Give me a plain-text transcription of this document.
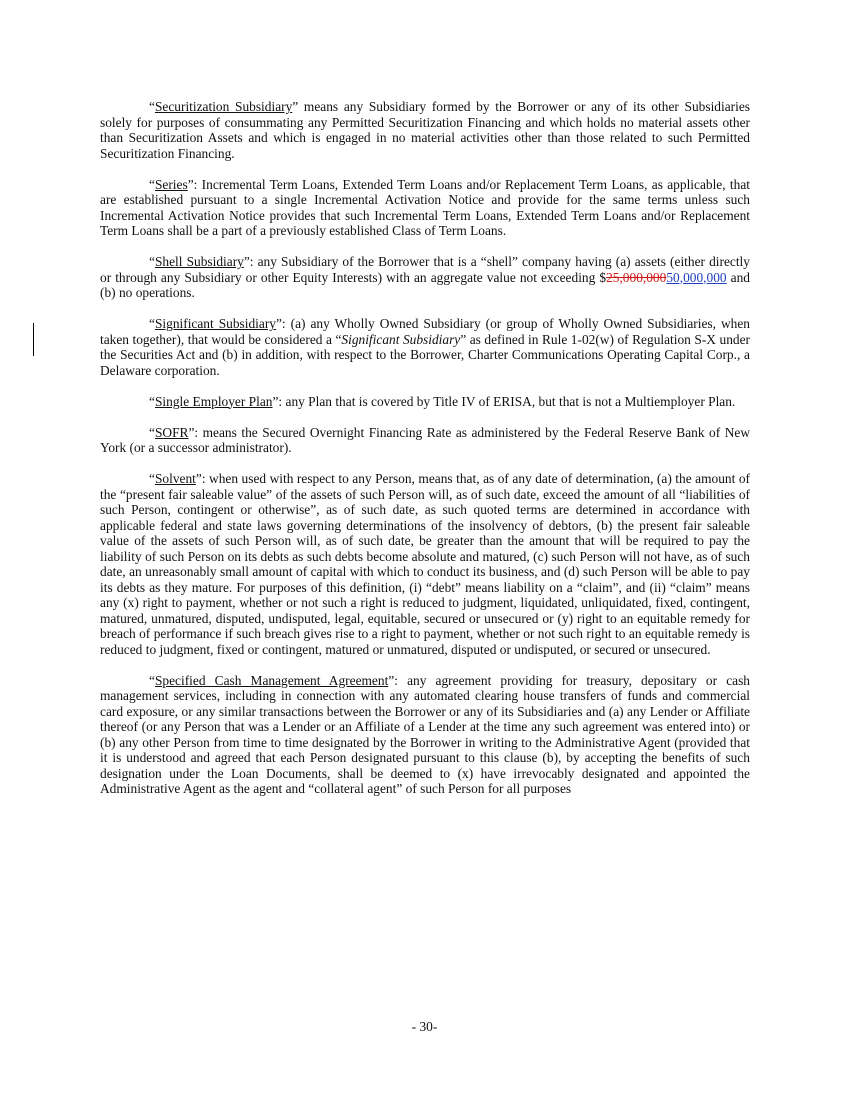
“Securitization Subsidiary” means any Subsidiary formed by the Borrower or any of its other Subsidiaries solely for purposes of consummating any Permitted Securitization Financing and which holds no material assets other than Securitization Assets and which is engaged in no material activities other than those related to such Permitted Securitization Financing.

“Series”: Incremental Term Loans, Extended Term Loans and/or Replacement Term Loans, as applicable, that are established pursuant to a single Incremental Activation Notice and provide for the same terms unless such Incremental Activation Notice provides that such Incremental Term Loans, Extended Term Loans and/or Replacement Term Loans shall be a part of a previously established Class of Term Loans.

“Shell Subsidiary”: any Subsidiary of the Borrower that is a “shell” company having (a) assets (either directly or through any Subsidiary or other Equity Interests) with an aggregate value not exceeding $25,000,00050,000,000 and (b) no operations.

“Significant Subsidiary”: (a) any Wholly Owned Subsidiary (or group of Wholly Owned Subsidiaries, when taken together), that would be considered a “Significant Subsidiary” as defined in Rule 1-02(w) of Regulation S-X under the Securities Act and (b) in addition, with respect to the Borrower, Charter Communications Operating Capital Corp., a Delaware corporation.

“Single Employer Plan”: any Plan that is covered by Title IV of ERISA, but that is not a Multiemployer Plan.

“SOFR”: means the Secured Overnight Financing Rate as administered by the Federal Reserve Bank of New York (or a successor administrator).

“Solvent”: when used with respect to any Person, means that, as of any date of determination, (a) the amount of the “present fair saleable value” of the assets of such Person will, as of such date, exceed the amount of all “liabilities of such Person, contingent or otherwise”, as of such date, as such quoted terms are determined in accordance with applicable federal and state laws governing determinations of the insolvency of debtors, (b) the present fair saleable value of the assets of such Person will, as of such date, be greater than the amount that will be required to pay the liability of such Person on its debts as such debts become absolute and matured, (c) such Person will not have, as of such date, an unreasonably small amount of capital with which to conduct its business, and (d) such Person will be able to pay its debts as they mature. For purposes of this definition, (i) “debt” means liability on a “claim”, and (ii) “claim” means any (x) right to payment, whether or not such a right is reduced to judgment, liquidated, unliquidated, fixed, contingent, matured, unmatured, disputed, undisputed, legal, equitable, secured or unsecured or (y) right to an equitable remedy for breach of performance if such breach gives rise to a right to payment, whether or not such right to an equitable remedy is reduced to judgment, fixed or contingent, matured or unmatured, disputed or undisputed, or secured or unsecured.

“Specified Cash Management Agreement”: any agreement providing for treasury, depositary or cash management services, including in connection with any automated clearing house transfers of funds and commercial card exposure, or any similar transactions between the Borrower or any of its Subsidiaries and (a) any Lender or Affiliate thereof (or any Person that was a Lender or an Affiliate of a Lender at the time any such agreement was entered into) or (b) any other Person from time to time designated by the Borrower in writing to the Administrative Agent (provided that it is understood and agreed that each Person designated pursuant to this clause (b), by accepting the benefits of such designation under the Loan Documents, shall be deemed to (x) have irrevocably designated and appointed the Administrative Agent as the agent and “collateral agent” of such Person for all purposes

- 30-
